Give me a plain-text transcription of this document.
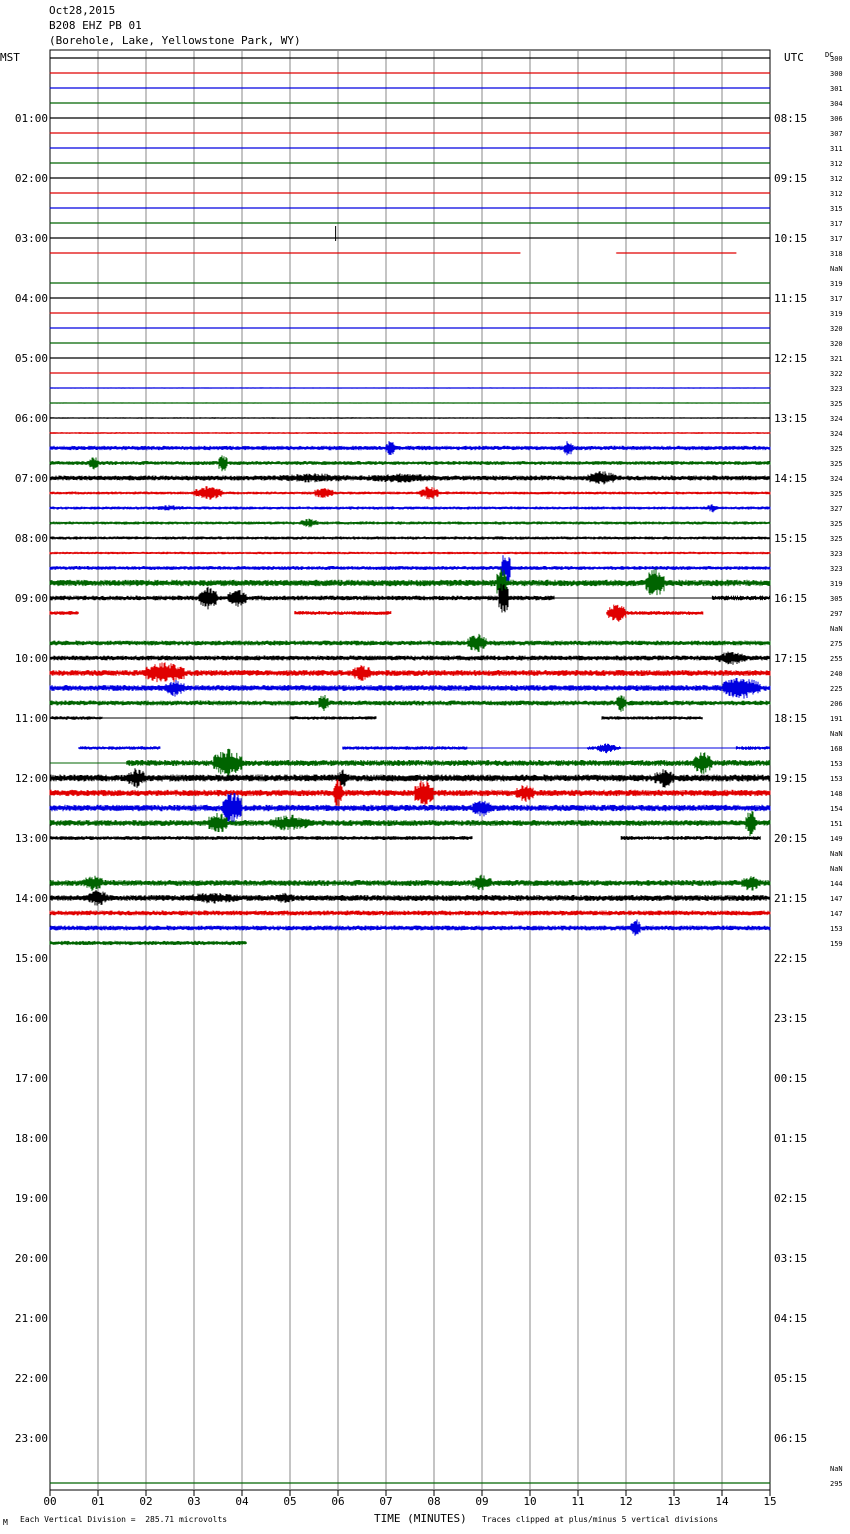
Oct28,2015
B208 EHZ PB 01
(Borehole, Lake, Yellowstone Park, WY)
00	01	02	03	04	05	06	07	08	09	10	11	12	13	14	15
MST	UTC	DC
01:00
02:00
03:00
04:00
05:00
06:00
07:00
08:00
09:00
10:00
11:00
12:00
13:00
14:00
15:00
16:00
17:00
18:00
19:00
20:00
21:00
22:00
23:00
08:15
09:15
10:15
11:15
12:15
13:15
14:15
15:15
16:15
17:15
18:15
19:15
20:15
21:15
22:15
23:15
00:15
01:15
02:15
03:15
04:15
05:15
06:15
300
300
301
304
306
307
311
312
312
312
315
317
317
318
NaN
319
317
319
320
320
321
322
323
325
324
324
325
325
324
325
327
325
325
323
323
319
305
297
NaN
275
255
240
225
206
191
NaN
168
153
153
148
154
151
149
NaN
NaN
144
147
147
153
159
NaN
295
M Each Vertical Division =  285.71 microvolts	TIME (MINUTES) Traces clipped at plus/minus 5 vertical divisions
